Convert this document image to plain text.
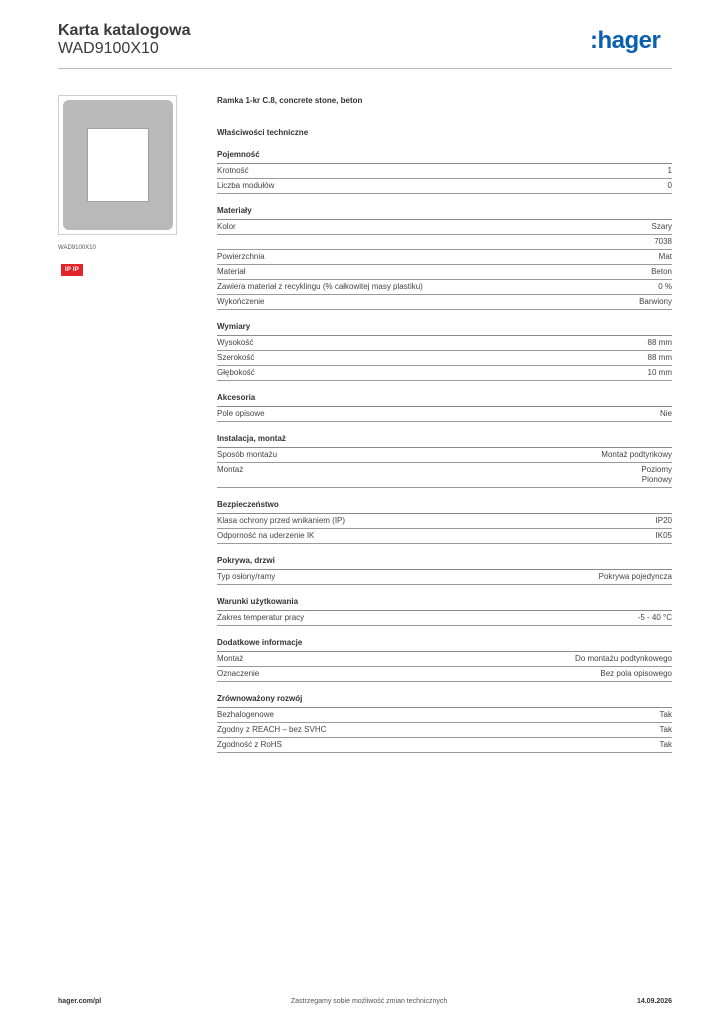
Karta katalogowa
WAD9100X10	:hager
WAD9100X10
IP IP
Ramka 1-kr C.8, concrete stone, beton
Właściwości techniczne
Pojemność
Krotność	1
Liczba modułów	0
Materiały
Kolor	Szary
7038
Powierzchnia	Mat
Materiał	Beton
Zawiera materiał z recyklingu (% całkowitej masy plastiku)	0 %
Wykończenie	Barwiony
Wymiary
Wysokość	88 mm
Szerokość	88 mm
Głębokość	10 mm
Akcesoria
Pole opisowe	Nie
Instalacja, montaż
Sposób montażu	Montaż podtynkowy
Montaż	Poziomy
Pionowy
Bezpieczeństwo
Klasa ochrony przed wnikaniem (IP)	IP20
Odporność na uderzenie IK	IK05
Pokrywa, drzwi
Typ osłony/ramy	Pokrywa pojedyncza
Warunki użytkowania
Zakres temperatur pracy	-5 - 40 °C
Dodatkowe informacje
Montaż	Do montażu podtynkowego
Oznaczenie	Bez pola opisowego
Zrównoważony rozwój
Bezhalogenowe	Tak
Zgodny z REACH – bez SVHC	Tak
Zgodność z RoHS	Tak
hager.com/pl	Zastrzegamy sobie możliwość zmian technicznych	14.09.2026
